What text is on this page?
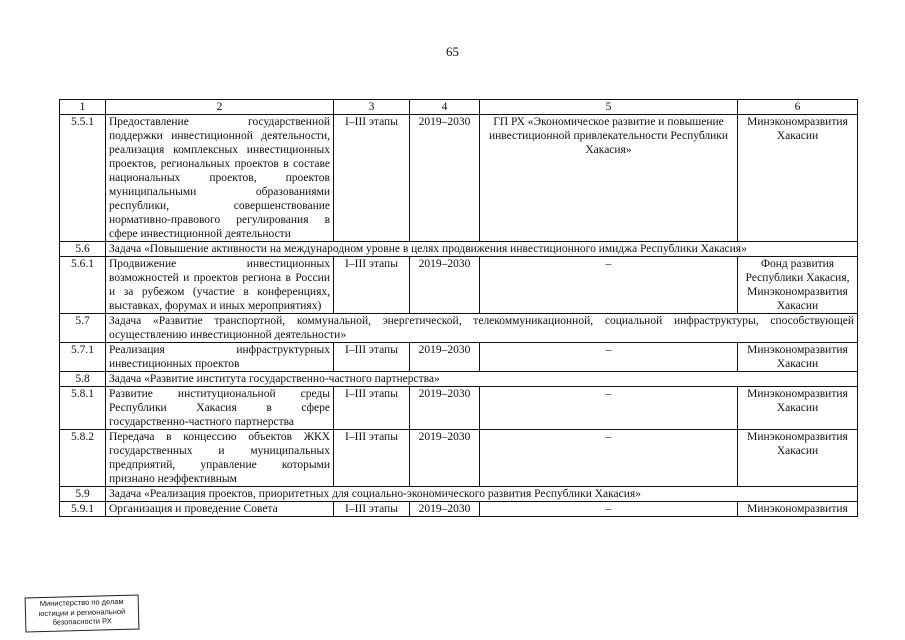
65
1	2	3	4	5	6
5.5.1	Предоставление государственной поддержки инвестиционной деятельности, реализация комплексных инвестиционных проектов, региональных проектов в составе национальных проектов, проектов муниципальными образованиями республики, совершенствование нормативно-правового регулирования в сфере инвестиционной деятельности	I–III этапы	2019–2030	ГП РХ «Экономическое развитие и повышение инвестиционной привлекательности Республики Хакасия»	Минэкономразвития Хакасии
5.6	Задача «Повышение активности на международном уровне в целях продвижения инвестиционного имиджа Республики Хакасия»				
5.6.1	Продвижение инвестиционных возможностей и проектов региона в России и за рубежом (участие в конференциях, выставках, форумах и иных мероприятиях)	I–III этапы	2019–2030	–	Фонд развития Республики Хакасия, Минэкономразвития Хакасии
5.7	Задача «Развитие транспортной, коммунальной, энергетической, телекоммуникационной, социальной инфраструктуры, способствующей осуществлению инвестиционной деятельности»				
5.7.1	Реализация инфраструктурных инвестиционных проектов	I–III этапы	2019–2030	–	Минэкономразвития Хакасии
5.8	Задача «Развитие института государственно-частного партнерства»				
5.8.1	Развитие институциональной среды Республики Хакасия в сфере государственно-частного партнерства	I–III этапы	2019–2030	–	Минэкономразвития Хакасии
5.8.2	Передача в концессию объектов ЖКХ государственных и муниципальных предприятий, управление которыми признано неэффективным	I–III этапы	2019–2030	–	Минэкономразвития Хакасии
5.9	Задача «Реализация проектов, приоритетных для социально-экономического развития Республики Хакасия»				
5.9.1	Организация и проведение Совета	I–III этапы	2019–2030	–	Минэкономразвития
Министерство по делам
юстиции и региональной
безопасности РХ
